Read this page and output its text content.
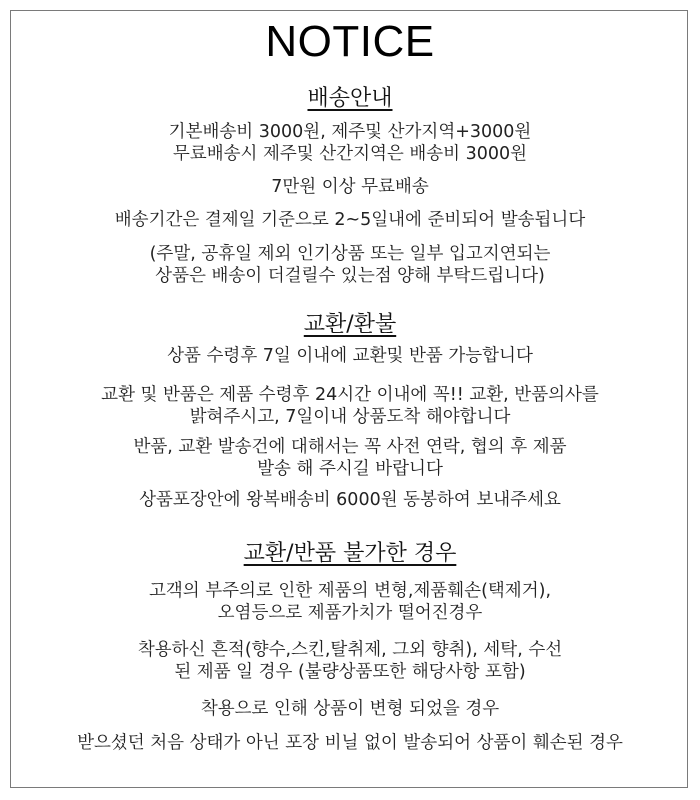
NOTICE
배송안내
기본배송비 3000원, 제주및 산가지역+3000원
무료배송시 제주및 산간지역은 배송비 3000원
7만원 이상 무료배송
배송기간은 결제일 기준으로 2~5일내에 준비되어 발송됩니다
(주말, 공휴일 제외 인기상품 또는 일부 입고지연되는
상품은 배송이 더걸릴수 있는점 양해 부탁드립니다)
교환/환불
상품 수령후 7일 이내에 교환및 반품 가능합니다
교환 및 반품은 제품 수령후 24시간 이내에 꼭!! 교환, 반품의사를
밝혀주시고, 7일이내 상품도착 해야합니다
반품, 교환 발송건에 대해서는 꼭 사전 연락, 협의 후 제품
발송 해 주시길 바랍니다
상품포장안에 왕복배송비 6000원 동봉하여 보내주세요
교환/반품 불가한 경우
고객의 부주의로 인한 제품의 변형,제품훼손(택제거),
오염등으로 제품가치가 떨어진경우
착용하신 흔적(향수,스킨,탈취제, 그외 향취), 세탁, 수선
된 제품 일 경우 (불량상품또한 해당사항 포함)
착용으로 인해 상품이 변형 되었을 경우
받으셨던 처음 상태가 아닌 포장 비닐 없이 발송되어 상품이 훼손된 경우
